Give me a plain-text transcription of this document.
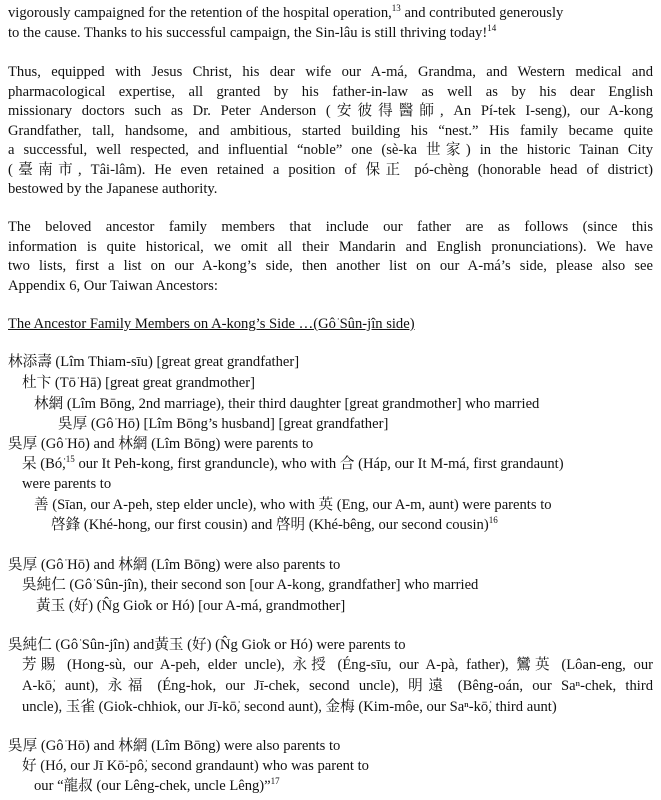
vigorously campaigned for the retention of the hospital operation,$^{13}$ and contributed generously
to the cause. Thanks to his successful campaign, the Sin-lâu is still thriving today!$^{14}$
Thus, equipped with Jesus Christ, his dear wife our A-má, Grandma, and Western medical and
pharmacological expertise, all granted by his father-in-law as well as by his dear English
missionary doctors such as Dr. Peter Anderson (安彼得醫師, An Pí-tek I-seng), our A-kong
Grandfather, tall, handsome, and ambitious, started building his “nest.” His family became quite
a successful, well respected, and influential “noble” one (sè-ka 世家) in the historic Tainan City
(臺南市, Tâi-lâm). He even retained a position of 保正 pó-chèng (honorable head of district)
bestowed by the Japanese authority.
The beloved ancestor family members that include our father are as follows (since this
information is quite historical, we omit all their Mandarin and English pronunciations). We have
two lists, first a list on our A-kong’s side, then another list on our A-má’s side, please also see
Appendix 6, Our Taiwan Ancestors:
The Ancestor Family Members on A-kong’s Side …(Gô͘ Sûn-jîn side)
林添壽 (Lîm Thiam-sīu) [great great grandfather]
杜卞 (Tō͘ Hā) [great great grandmother]
林網 (Lîm Bōng, 2nd marriage), their third daughter [great grandmother] who married
吳厚 (Gô͘ Hō͘) [Lîm Bōng’s husband] [great grandfather]
吳厚 (Gô͘ Hō͘) and 林網 (Lîm Bōng) were parents to
呆 (Bó͘,$^{15}$ our It Peh-kong, first granduncle), who with 合 (Háp, our It M-má, first grandaunt)
were parents to
善 (Sīan, our A-peh, step elder uncle), who with 英 (Eng, our A-m, aunt) were parents to
啓鋒 (Khé-hong, our first cousin) and 啓明 (Khé-bêng, our second cousin)$^{16}$
吳厚 (Gô͘ Hō͘) and 林網 (Lîm Bōng) were also parents to
吳純仁 (Gô͘ Sûn-jîn), their second son [our A-kong, grandfather] who married
黃玉 (好) (N̂g Gio̍k or Hó) [our A-má, grandmother]
吳純仁 (Gô͘ Sûn-jîn) and黃玉 (好) (N̂g Gio̍k or Hó) were parents to
芳賜 (Hong-sù, our A-peh, elder uncle), 永授 (Éng-sīu, our A-pà, father), 鸞英 (Lôan-eng, our
A-kō͘, aunt), 永福 (Éng-hok, our Jī-chek, second uncle), 明遠 (Bêng-oán, our Saⁿ-chek, third
uncle), 玉雀 (Gio̍k-chhiok, our Jī-kō͘, second aunt), 金梅 (Kim-môe, our Saⁿ-kō͘, third aunt)
吳厚 (Gô͘ Hō͘) and 林網 (Lîm Bōng) were also parents to
好 (Hó, our Jī Kō͘-pô͘, second grandaunt) who was parent to
our “龍叔 (our Lêng-chek, uncle Lêng)”$^{17}$
